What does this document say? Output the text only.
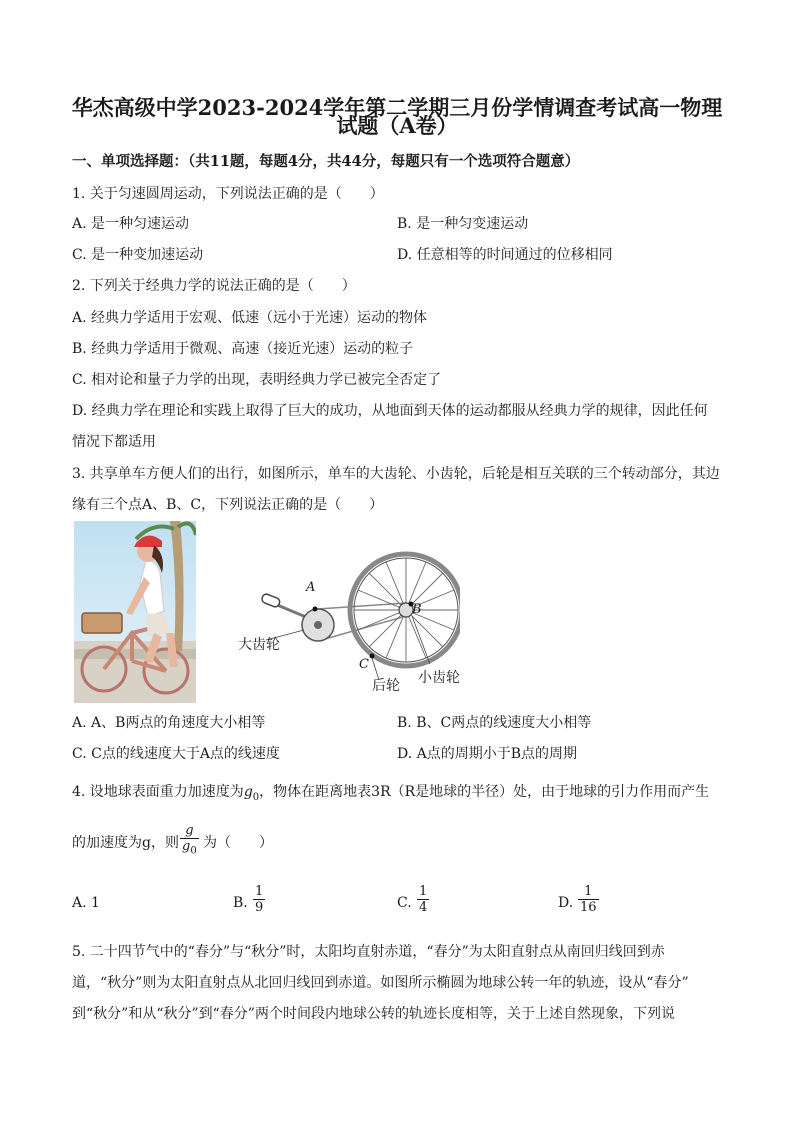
华杰高级中学2023-2024学年第二学期三月份学情调查考试高一物理
试题（A卷）
一、单项选择题：（共11题，每题4分，共44分，每题只有一个选项符合题意）
1. 关于匀速圆周运动，下列说法正确的是（　　）
A. 是一种匀速运动	B. 是一种匀变速运动
C. 是一种变加速运动	D. 任意相等的时间通过的位移相同
2. 下列关于经典力学的说法正确的是（　　）
A. 经典力学适用于宏观、低速（远小于光速）运动的物体
B. 经典力学适用于微观、高速（接近光速）运动的粒子
C. 相对论和量子力学的出现，表明经典力学已被完全否定了
D. 经典力学在理论和实践上取得了巨大的成功，从地面到天体的运动都服从经典力学的规律，因此任何
情况下都适用
3. 共享单车方便人们的出行，如图所示，单车的大齿轮、小齿轮，后轮是相互关联的三个转动部分，其边
缘有三个点A、B、C，下列说法正确的是（　　）
A
B
C
大齿轮
后轮 小齿轮
A. A、B两点的角速度大小相等	B. B、C两点的线速度大小相等
C. C点的线速度大于A点的线速度	D. A点的周期小于B点的周期
4. 设地球表面重力加速度为$g_0$，物体在距离地表3R（R是地球的半径）处，由于地球的引力作用而产生
的加速度为g，则
g
$g_0$
为（　　）
A. 1	B.
1
9	C.
1
4	D.
1
16
5. 二十四节气中的“春分”与“秋分”时，太阳均直射赤道，“春分”为太阳直射点从南回归线回到赤
道，“秋分”则为太阳直射点从北回归线回到赤道。如图所示椭圆为地球公转一年的轨迹，设从“春分”
到“秋分”和从“秋分”到“春分”两个时间段内地球公转的轨迹长度相等，关于上述自然现象，下列说
